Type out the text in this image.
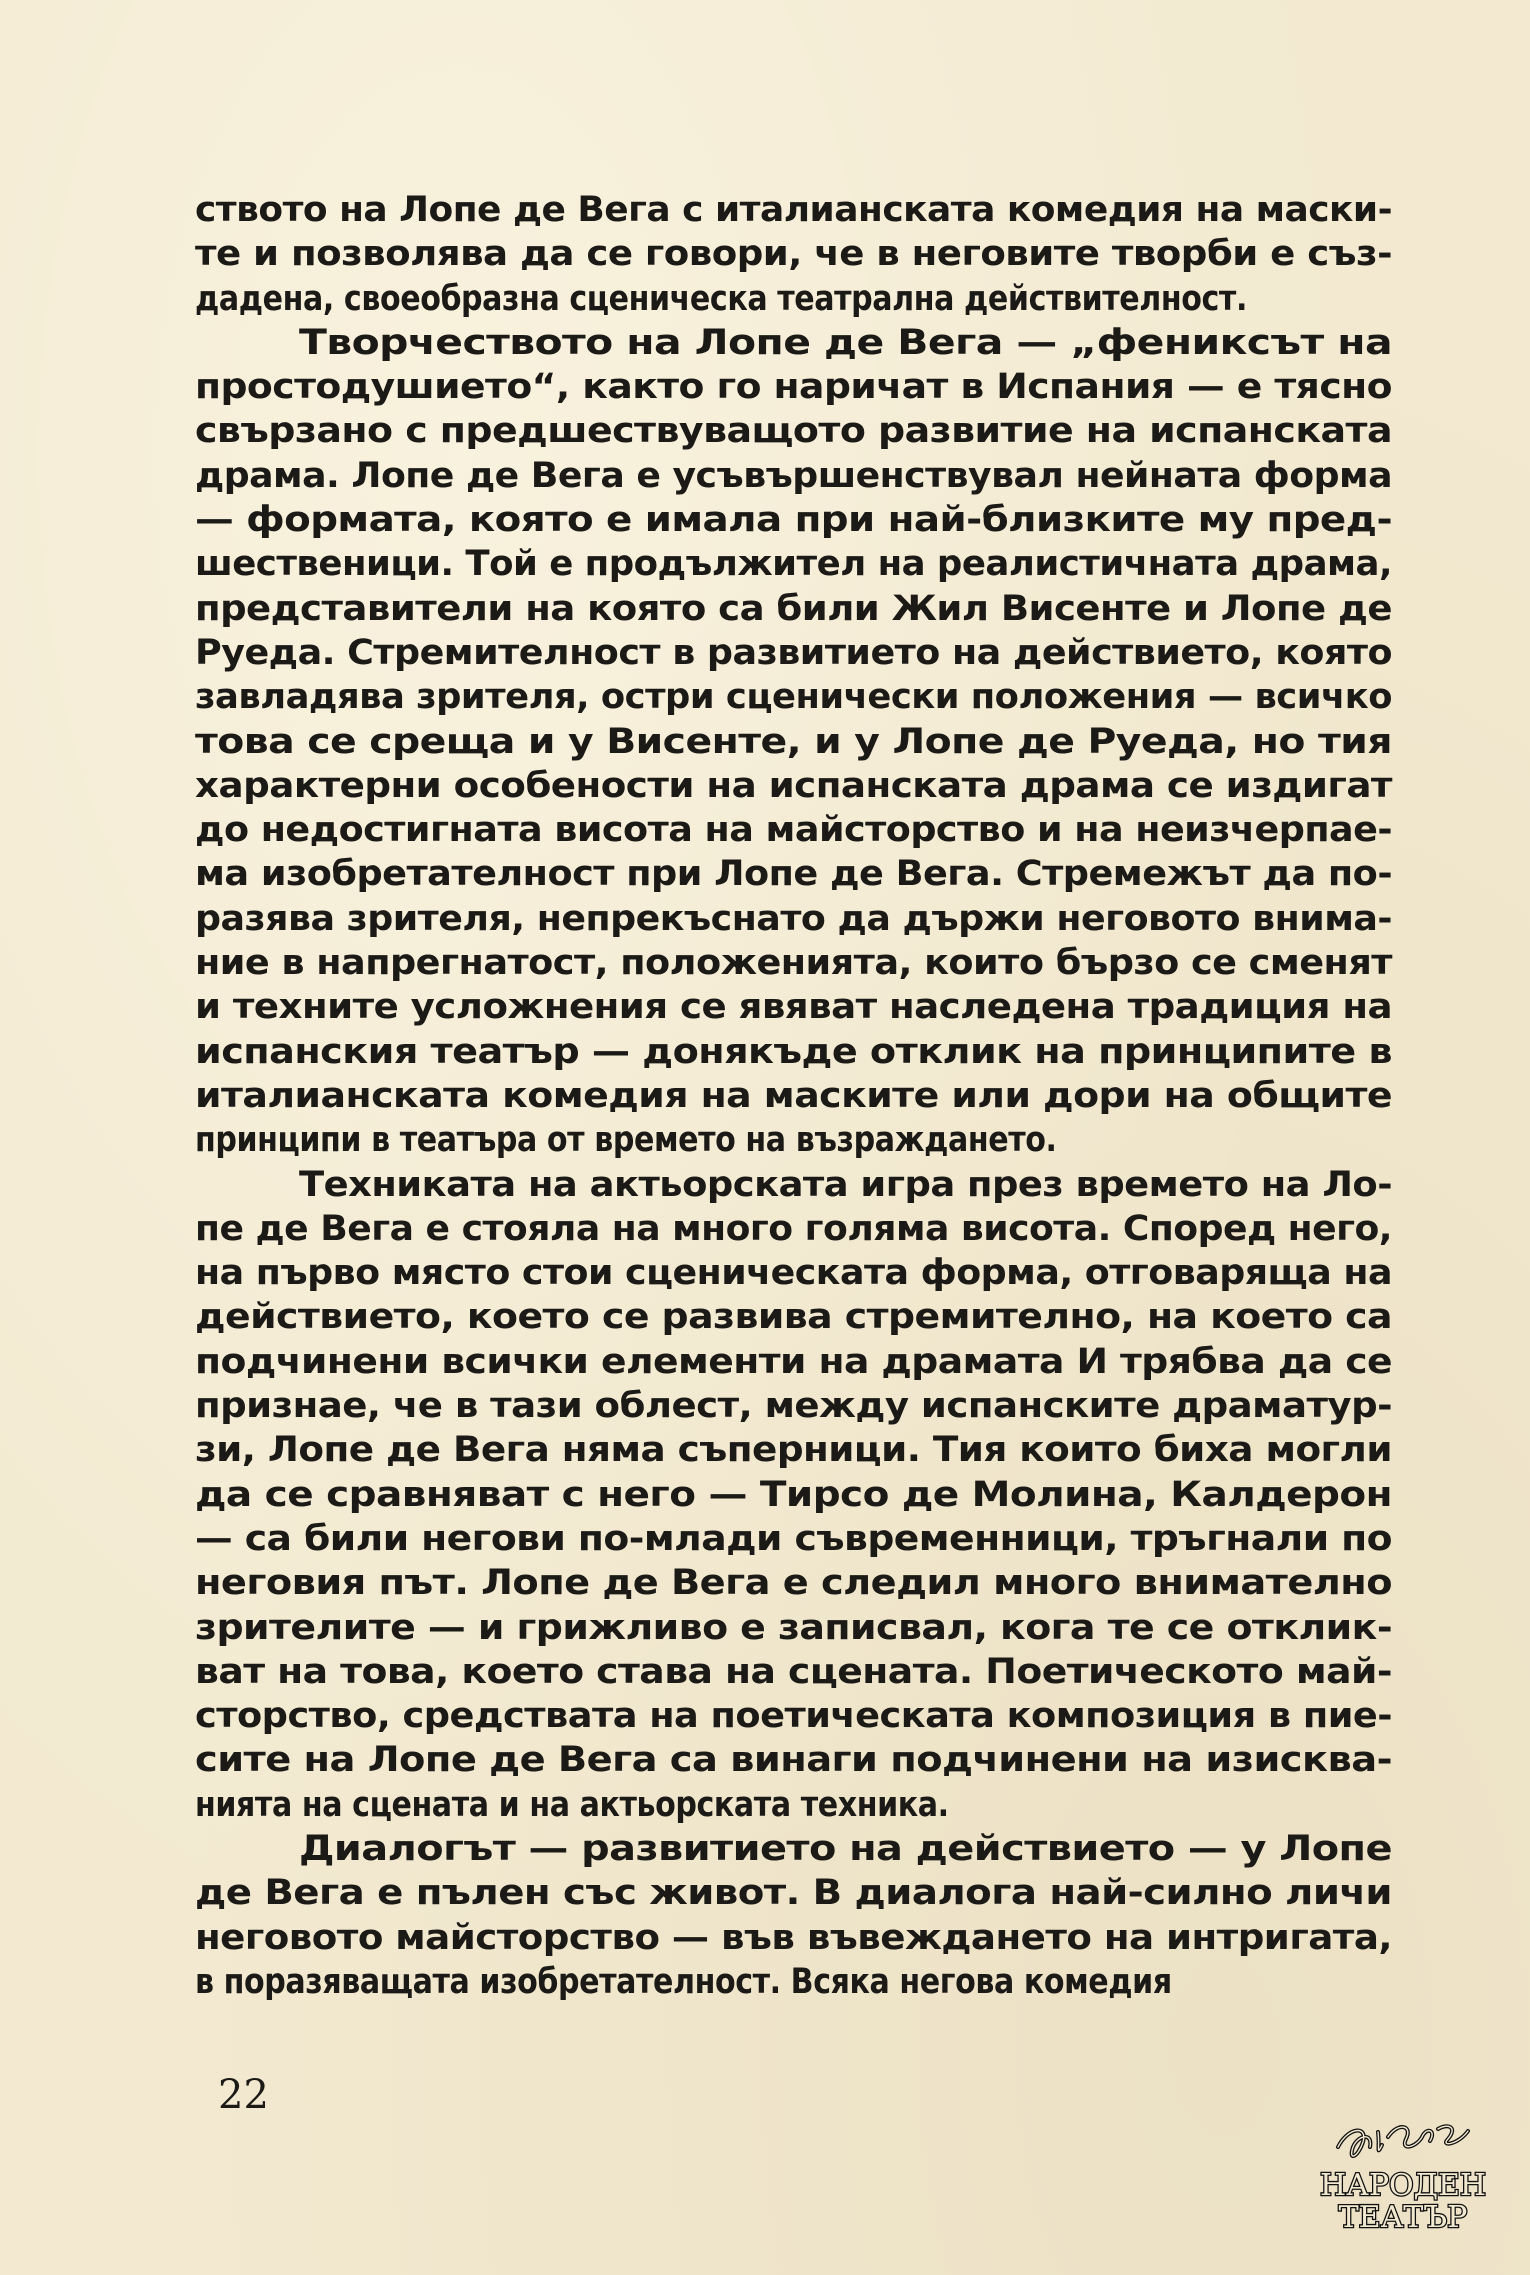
ството на Лопе де Вега с италианската комедия на маски-
те и позволява да се говори, че в неговите творби е съз-
дадена, своеобразна сценическа театрална действителност.
Творчеството на Лопе де Вега — „фениксът на
простодушието“, както го наричат в Испания — е тясно
свързано с предшествуващото развитие на испанската
драма. Лопе де Вега е усъвършенствувал нейната форма
— формата, която е имала при най-близките му пред-
шественици. Той е продължител на реалистичната драма,
представители на която са били Жил Висенте и Лопе де
Руеда. Стремителност в развитието на действието, която
завладява зрителя, остри сценически положения — всичко
това се среща и у Висенте, и у Лопе де Руеда, но тия
характерни особености на испанската драма се издигат
до недостигната висота на майсторство и на неизчерпае-
ма изобретателност при Лопе де Вега. Стремежът да по-
разява зрителя, непрекъснато да държи неговото внима-
ние в напрегнатост, положенията, които бързо се сменят
и техните усложнения се явяват наследена традиция на
испанския театър — донякъде отклик на принципите в
италианската комедия на маските или дори на общите
принципи в театъра от времето на възраждането.
Техниката на актьорската игра през времето на Ло-
пе де Вега е стояла на много голяма висота. Според него,
на първо място стои сценическата форма, отговаряща на
действието, което се развива стремително, на което са
подчинени всички елементи на драмата И трябва да се
признае, че в тази облест, между испанските драматур-
зи, Лопе де Вега няма съперници. Тия които биха могли
да се сравняват с него — Тирсо де Молина, Калдерон
— са били негови по-млади съвременници, тръгнали по
неговия път. Лопе де Вега е следил много внимателно
зрителите — и грижливо е записвал, кога те се отклик-
ват на това, което става на сцената. Поетическото май-
сторство, средствата на поетическата композиция в пие-
сите на Лопе де Вега са винаги подчинени на изисква-
нията на сцената и на актьорската техника.
Диалогът — развитието на действието — у Лопе
де Вега е пълен със живот. В диалога най-силно личи
неговото майсторство — във въвеждането на интригата,
в поразяващата изобретателност. Всяка негова комедия
22
НАРОДЕН
ТЕАТЪР
